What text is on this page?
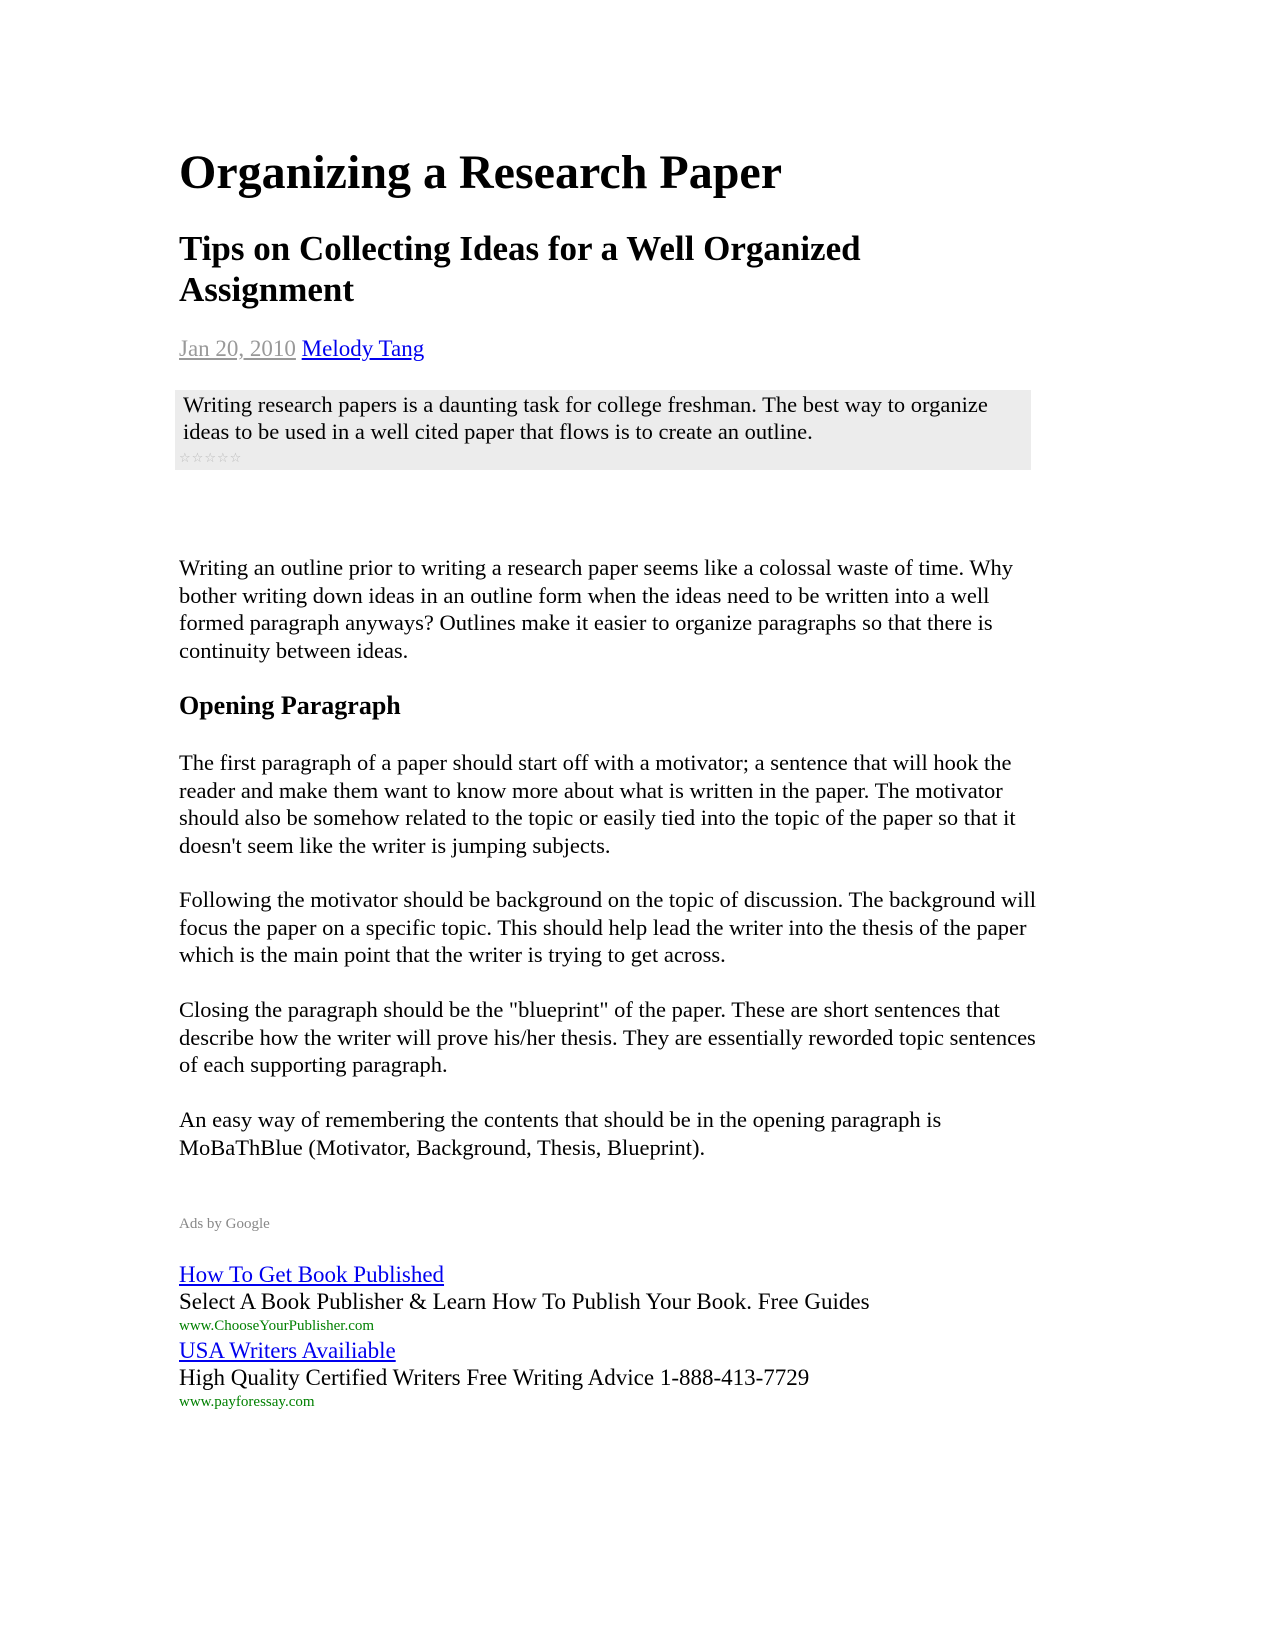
Organizing a Research Paper
Tips on Collecting Ideas for a Well Organized Assignment
Jan 20, 2010 Melody Tang

Writing research papers is a daunting task for college freshman. The best way to organize ideas to be used in a well cited paper that flows is to create an outline.

☆ ☆ ☆ ☆ ☆

Writing an outline prior to writing a research paper seems like a colossal waste of time. Why bother writing down ideas in an outline form when the ideas need to be written into a well formed paragraph anyways? Outlines make it easier to organize paragraphs so that there is continuity between ideas.

Opening Paragraph

The first paragraph of a paper should start off with a motivator; a sentence that will hook the reader and make them want to know more about what is written in the paper. The motivator should also be somehow related to the topic or easily tied into the topic of the paper so that it doesn't seem like the writer is jumping subjects.

Following the motivator should be background on the topic of discussion. The background will focus the paper on a specific topic. This should help lead the writer into the thesis of the paper which is the main point that the writer is trying to get across.

Closing the paragraph should be the "blueprint" of the paper. These are short sentences that describe how the writer will prove his/her thesis. They are essentially reworded topic sentences of each supporting paragraph.

An easy way of remembering the contents that should be in the opening paragraph is MoBaThBlue (Motivator, Background, Thesis, Blueprint).

Ads by Google
How To Get Book Published
Select A Book Publisher & Learn How To Publish Your Book. Free Guides
www.ChooseYourPublisher.com
USA Writers Availiable
High Quality Certified Writers Free Writing Advice 1-888-413-7729
www.payforessay.com
